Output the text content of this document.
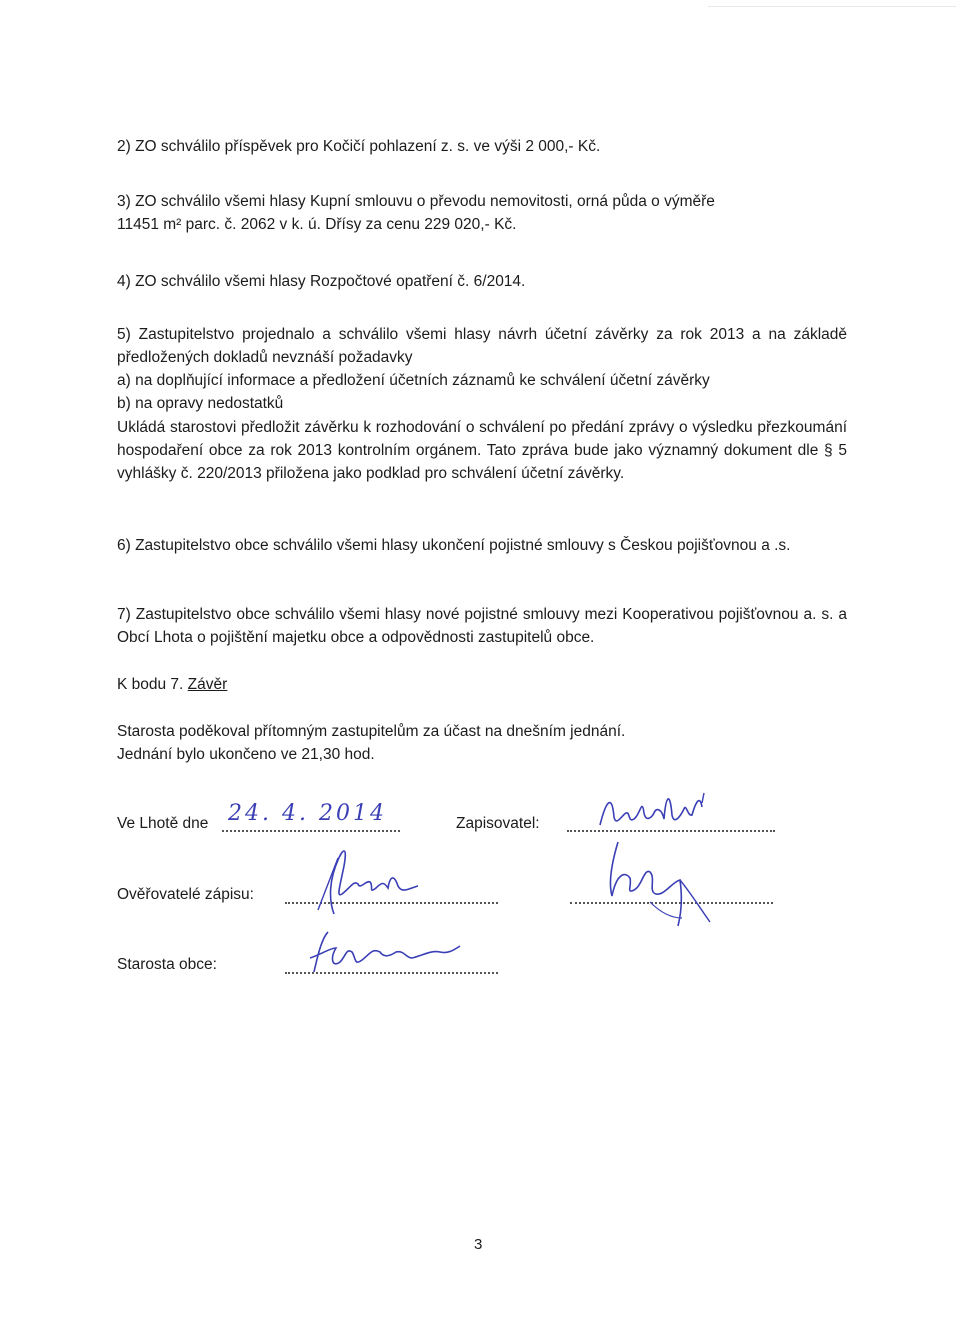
2) ZO schválilo příspěvek pro Kočičí pohlazení z. s. ve výši 2 000,- Kč.

3) ZO schválilo všemi hlasy Kupní smlouvu o převodu nemovitosti, orná půda o výměře
11451 m² parc. č. 2062 v k. ú. Dřísy za cenu 229 020,- Kč.

4) ZO schválilo všemi hlasy Rozpočtové opatření č. 6/2014.

5) Zastupitelstvo projednalo a schválilo všemi hlasy návrh účetní závěrky za rok 2013 a na základě předložených dokladů nevznáší požadavky

a) na doplňující informace a předložení účetních záznamů ke schválení účetní závěrky

b) na opravy nedostatků

Ukládá starostovi předložit závěrku k rozhodování o schválení po předání zprávy o výsledku přezkoumání hospodaření obce za rok 2013 kontrolním orgánem. Tato zpráva bude jako významný dokument dle § 5 vyhlášky č. 220/2013 přiložena jako podklad pro schválení účetní závěrky.

6) Zastupitelstvo obce schválilo všemi hlasy ukončení pojistné smlouvy s Českou pojišťovnou a .s.

7) Zastupitelstvo obce schválilo všemi hlasy nové pojistné smlouvy mezi Kooperativou pojišťovnou a. s. a Obcí Lhota o pojištění majetku obce a odpovědnosti zastupitelů obce.

K bodu 7. Závěr

Starosta poděkoval přítomným zastupitelům za účast na dnešním jednání.

Jednání bylo ukončeno ve 21,30 hod.

Ve Lhotě dne 24. 4. 2014	Zapisovatel:
Ověřovatelé zápisu:
Starosta obce:
3
